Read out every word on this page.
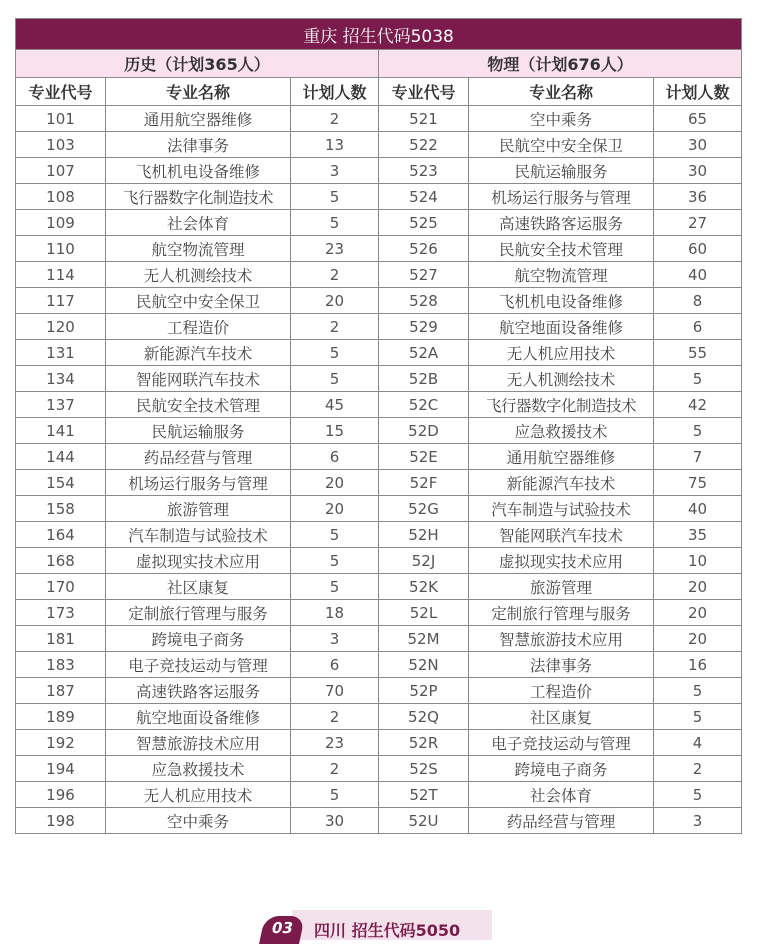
重庆 招生代码5038					
历史（计划365人）			物理（计划676人）		
专业代号	专业名称	计划人数	专业代号	专业名称	计划人数
101	通用航空器维修	2	521	空中乘务	65
103	法律事务	13	522	民航空中安全保卫	30
107	飞机机电设备维修	3	523	民航运输服务	30
108	飞行器数字化制造技术	5	524	机场运行服务与管理	36
109	社会体育	5	525	高速铁路客运服务	27
110	航空物流管理	23	526	民航安全技术管理	60
114	无人机测绘技术	2	527	航空物流管理	40
117	民航空中安全保卫	20	528	飞机机电设备维修	8
120	工程造价	2	529	航空地面设备维修	6
131	新能源汽车技术	5	52A	无人机应用技术	55
134	智能网联汽车技术	5	52B	无人机测绘技术	5
137	民航安全技术管理	45	52C	飞行器数字化制造技术	42
141	民航运输服务	15	52D	应急救援技术	5
144	药品经营与管理	6	52E	通用航空器维修	7
154	机场运行服务与管理	20	52F	新能源汽车技术	75
158	旅游管理	20	52G	汽车制造与试验技术	40
164	汽车制造与试验技术	5	52H	智能网联汽车技术	35
168	虚拟现实技术应用	5	52J	虚拟现实技术应用	10
170	社区康复	5	52K	旅游管理	20
173	定制旅行管理与服务	18	52L	定制旅行管理与服务	20
181	跨境电子商务	3	52M	智慧旅游技术应用	20
183	电子竞技运动与管理	6	52N	法律事务	16
187	高速铁路客运服务	70	52P	工程造价	5
189	航空地面设备维修	2	52Q	社区康复	5
192	智慧旅游技术应用	23	52R	电子竞技运动与管理	4
194	应急救援技术	2	52S	跨境电子商务	2
196	无人机应用技术	5	52T	社会体育	5
198	空中乘务	30	52U	药品经营与管理	3
03	四川 招生代码5050
